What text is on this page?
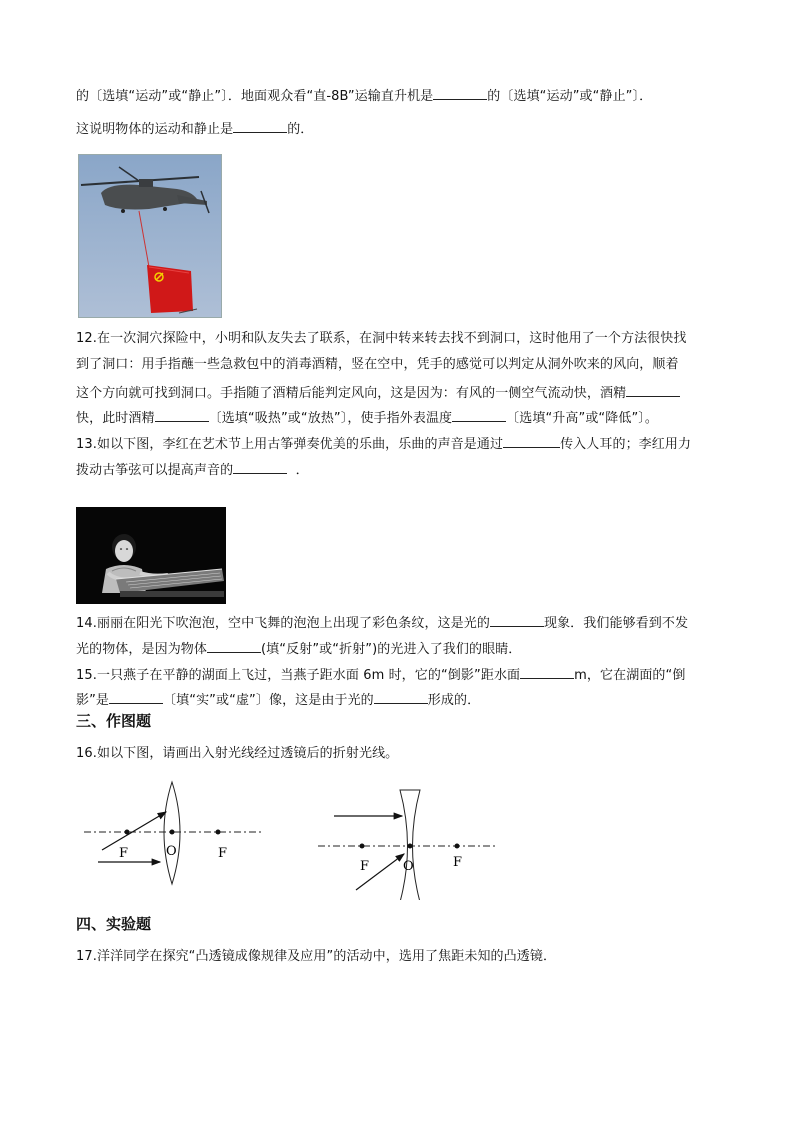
的〔选填“运动”或“静止”〕．地面观众看“直-8B”运输直升机是	的〔选填“运动”或“静止”〕．
这说明物体的运动和静止是	的．
12.在一次洞穴探险中，小明和队友失去了联系，在洞中转来转去找不到洞口，这时他用了一个方法很快找
到了洞口：用手指蘸一些急救包中的消毒酒精，竖在空中，凭手的感觉可以判定从洞外吹来的风向，顺着
这个方向就可找到洞口。手指随了酒精后能判定风向，这是因为：有风的一侧空气流动快，酒精
快，此时酒精	〔选填“吸热”或“放热”〕，使手指外表温度	〔选填“升高”或“降低”〕。
13.如以下图，李红在艺术节上用古筝弹奏优美的乐曲，乐曲的声音是通过	传入人耳的；李红用力
拨动古筝弦可以提高声音的	．
14.丽丽在阳光下吹泡泡，空中飞舞的泡泡上出现了彩色条纹，这是光的	现象．我们能够看到不发
光的物体，是因为物体	(填“反射”或“折射”)的光进入了我们的眼睛．
15.一只燕子在平静的湖面上飞过，当燕子距水面 6m 时，它的“倒影”距水面	m，它在湖面的“倒
影”是	〔填“实”或“虚”〕像，这是由于光的	形成的．
三、作图题
16.如以下图，请画出入射光线经过透镜后的折射光线。
F	O	F
F	O	F
四、实验题
17.洋洋同学在探究“凸透镜成像规律及应用”的活动中，选用了焦距未知的凸透镜．
